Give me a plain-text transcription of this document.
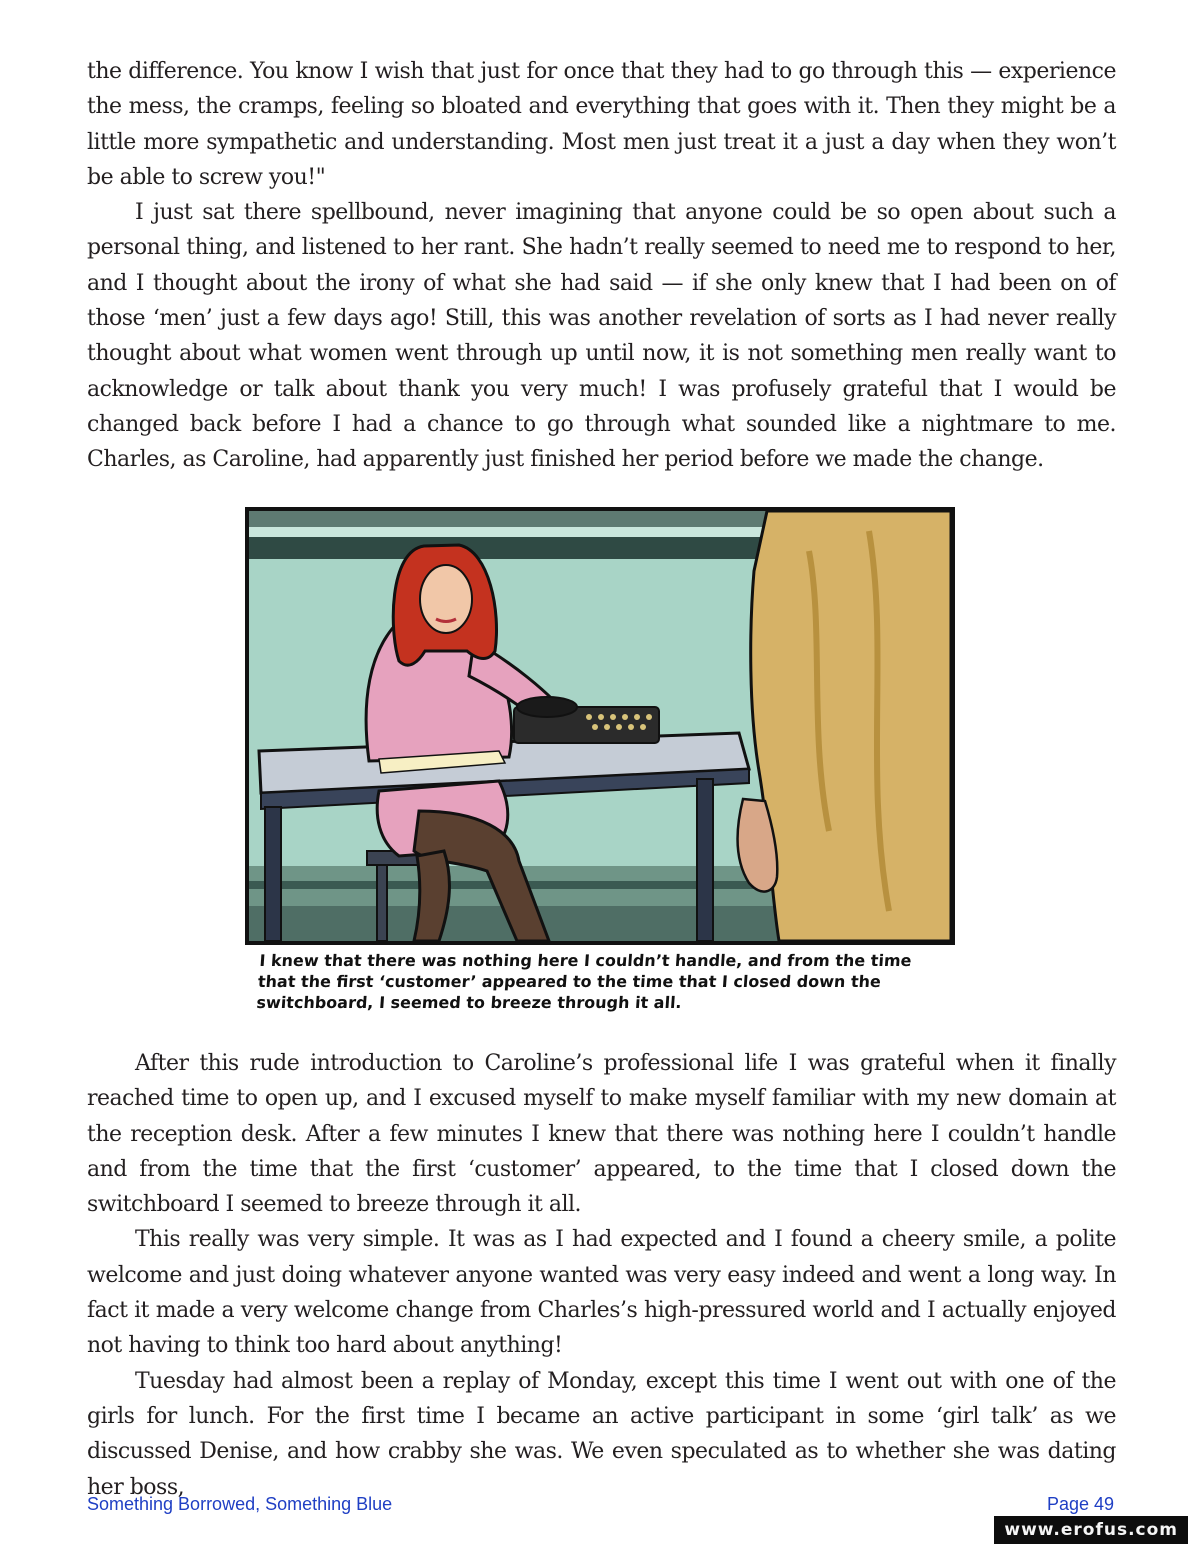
the difference. You know I wish that just for once that they had to go through this — experience the mess, the cramps, feeling so bloated and everything that goes with it. Then they might be a little more sympathetic and understanding. Most men just treat it a just a day when they won’t be able to screw you!"

I just sat there spellbound, never imagining that anyone could be so open about such a personal thing, and listened to her rant. She hadn’t really seemed to need me to respond to her, and I thought about the irony of what she had said — if she only knew that I had been on of those ‘men’ just a few days ago! Still, this was another revelation of sorts as I had never really thought about what women went through up until now, it is not something men really want to acknowledge or talk about thank you very much! I was profusely grateful that I would be changed back before I had a chance to go through what sounded like a nightmare to me. Charles, as Caroline, had apparently just finished her period before we made the change.

I knew that there was nothing here I couldn’t handle, and from the time that the first ‘customer’ appeared to the time that I closed down the switchboard, I seemed to breeze through it all.

After this rude introduction to Caroline’s professional life I was grateful when it finally reached time to open up, and I excused myself to make myself familiar with my new domain at the reception desk. After a few minutes I knew that there was nothing here I couldn’t handle and from the time that the first ‘customer’ appeared, to the time that I closed down the switchboard I seemed to breeze through it all.

This really was very simple. It was as I had expected and I found a cheery smile, a polite welcome and just doing whatever anyone wanted was very easy indeed and went a long way. In fact it made a very welcome change from Charles’s high-pressured world and I actually enjoyed not having to think too hard about anything!

Tuesday had almost been a replay of Monday, except this time I went out with one of the girls for lunch. For the first time I became an active participant in some ‘girl talk’ as we discussed Denise, and how crabby she was. We even speculated as to whether she was dating her boss,

Something Borrowed, Something Blue	Page 49
www.erofus.com
